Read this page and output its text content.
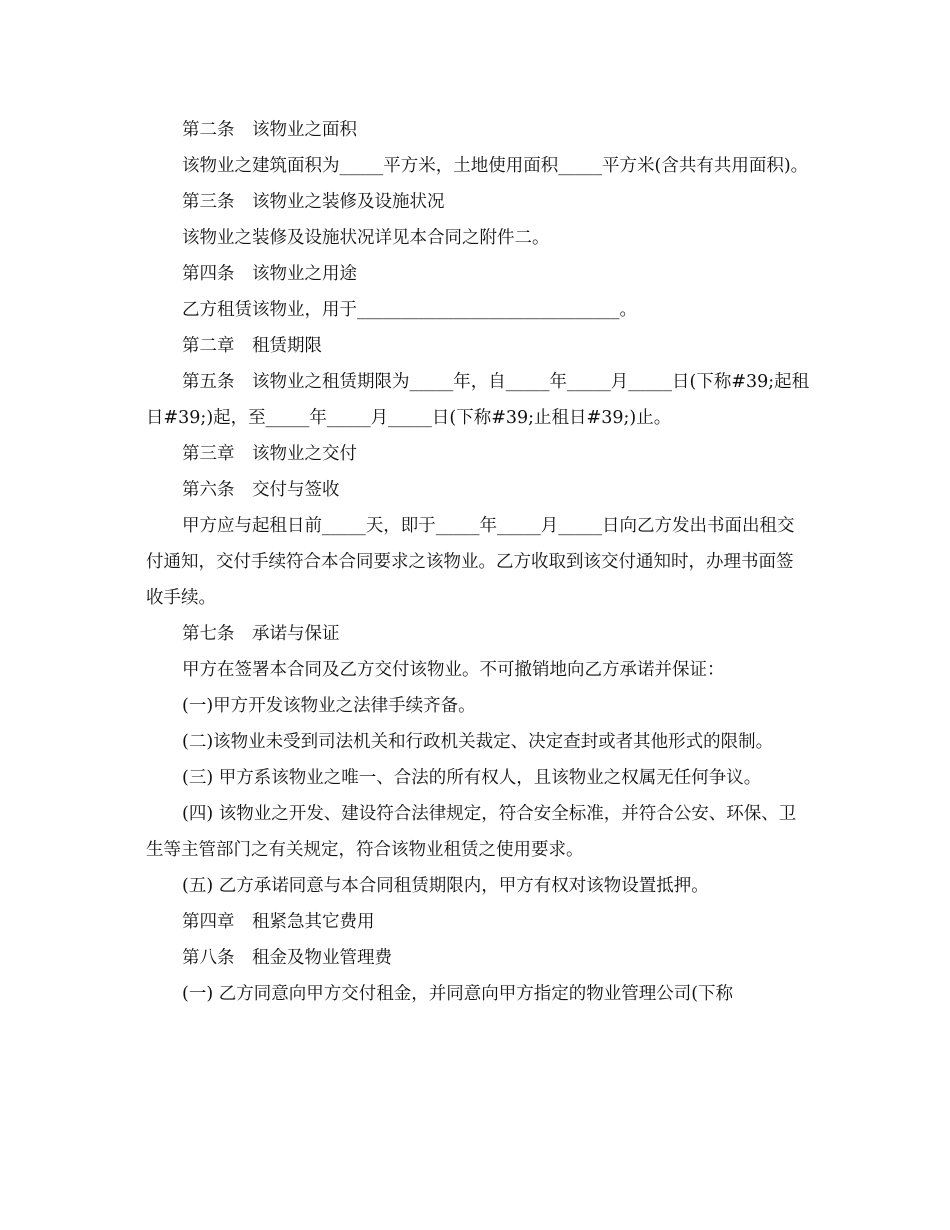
第二条　该物业之面积

该物业之建筑面积为_____平方米，土地使用面积_____平方米(含共有共用面积)。

第三条　该物业之装修及设施状况

该物业之装修及设施状况详见本合同之附件二。

第四条　该物业之用途

乙方租赁该物业，用于______________________________。

第二章　租赁期限

第五条　该物业之租赁期限为_____年，自_____年_____月_____日(下称#39;起租日#39;)起，至_____年_____月_____日(下称#39;止租日#39;)止。

第三章　该物业之交付

第六条　交付与签收

甲方应与起租日前_____天，即于_____年_____月_____日向乙方发出书面出租交付通知，交付手续符合本合同要求之该物业。乙方收取到该交付通知时，办理书面签收手续。

第七条　承诺与保证

甲方在签署本合同及乙方交付该物业。不可撤销地向乙方承诺并保证：

(一)甲方开发该物业之法律手续齐备。

(二)该物业未受到司法机关和行政机关裁定、决定查封或者其他形式的限制。

(三) 甲方系该物业之唯一、合法的所有权人，且该物业之权属无任何争议。

(四) 该物业之开发、建设符合法律规定，符合安全标准，并符合公安、环保、卫生等主管部门之有关规定，符合该物业租赁之使用要求。

(五) 乙方承诺同意与本合同租赁期限内，甲方有权对该物设置抵押。

第四章　租紧急其它费用

第八条　租金及物业管理费

(一) 乙方同意向甲方交付租金，并同意向甲方指定的物业管理公司(下称
